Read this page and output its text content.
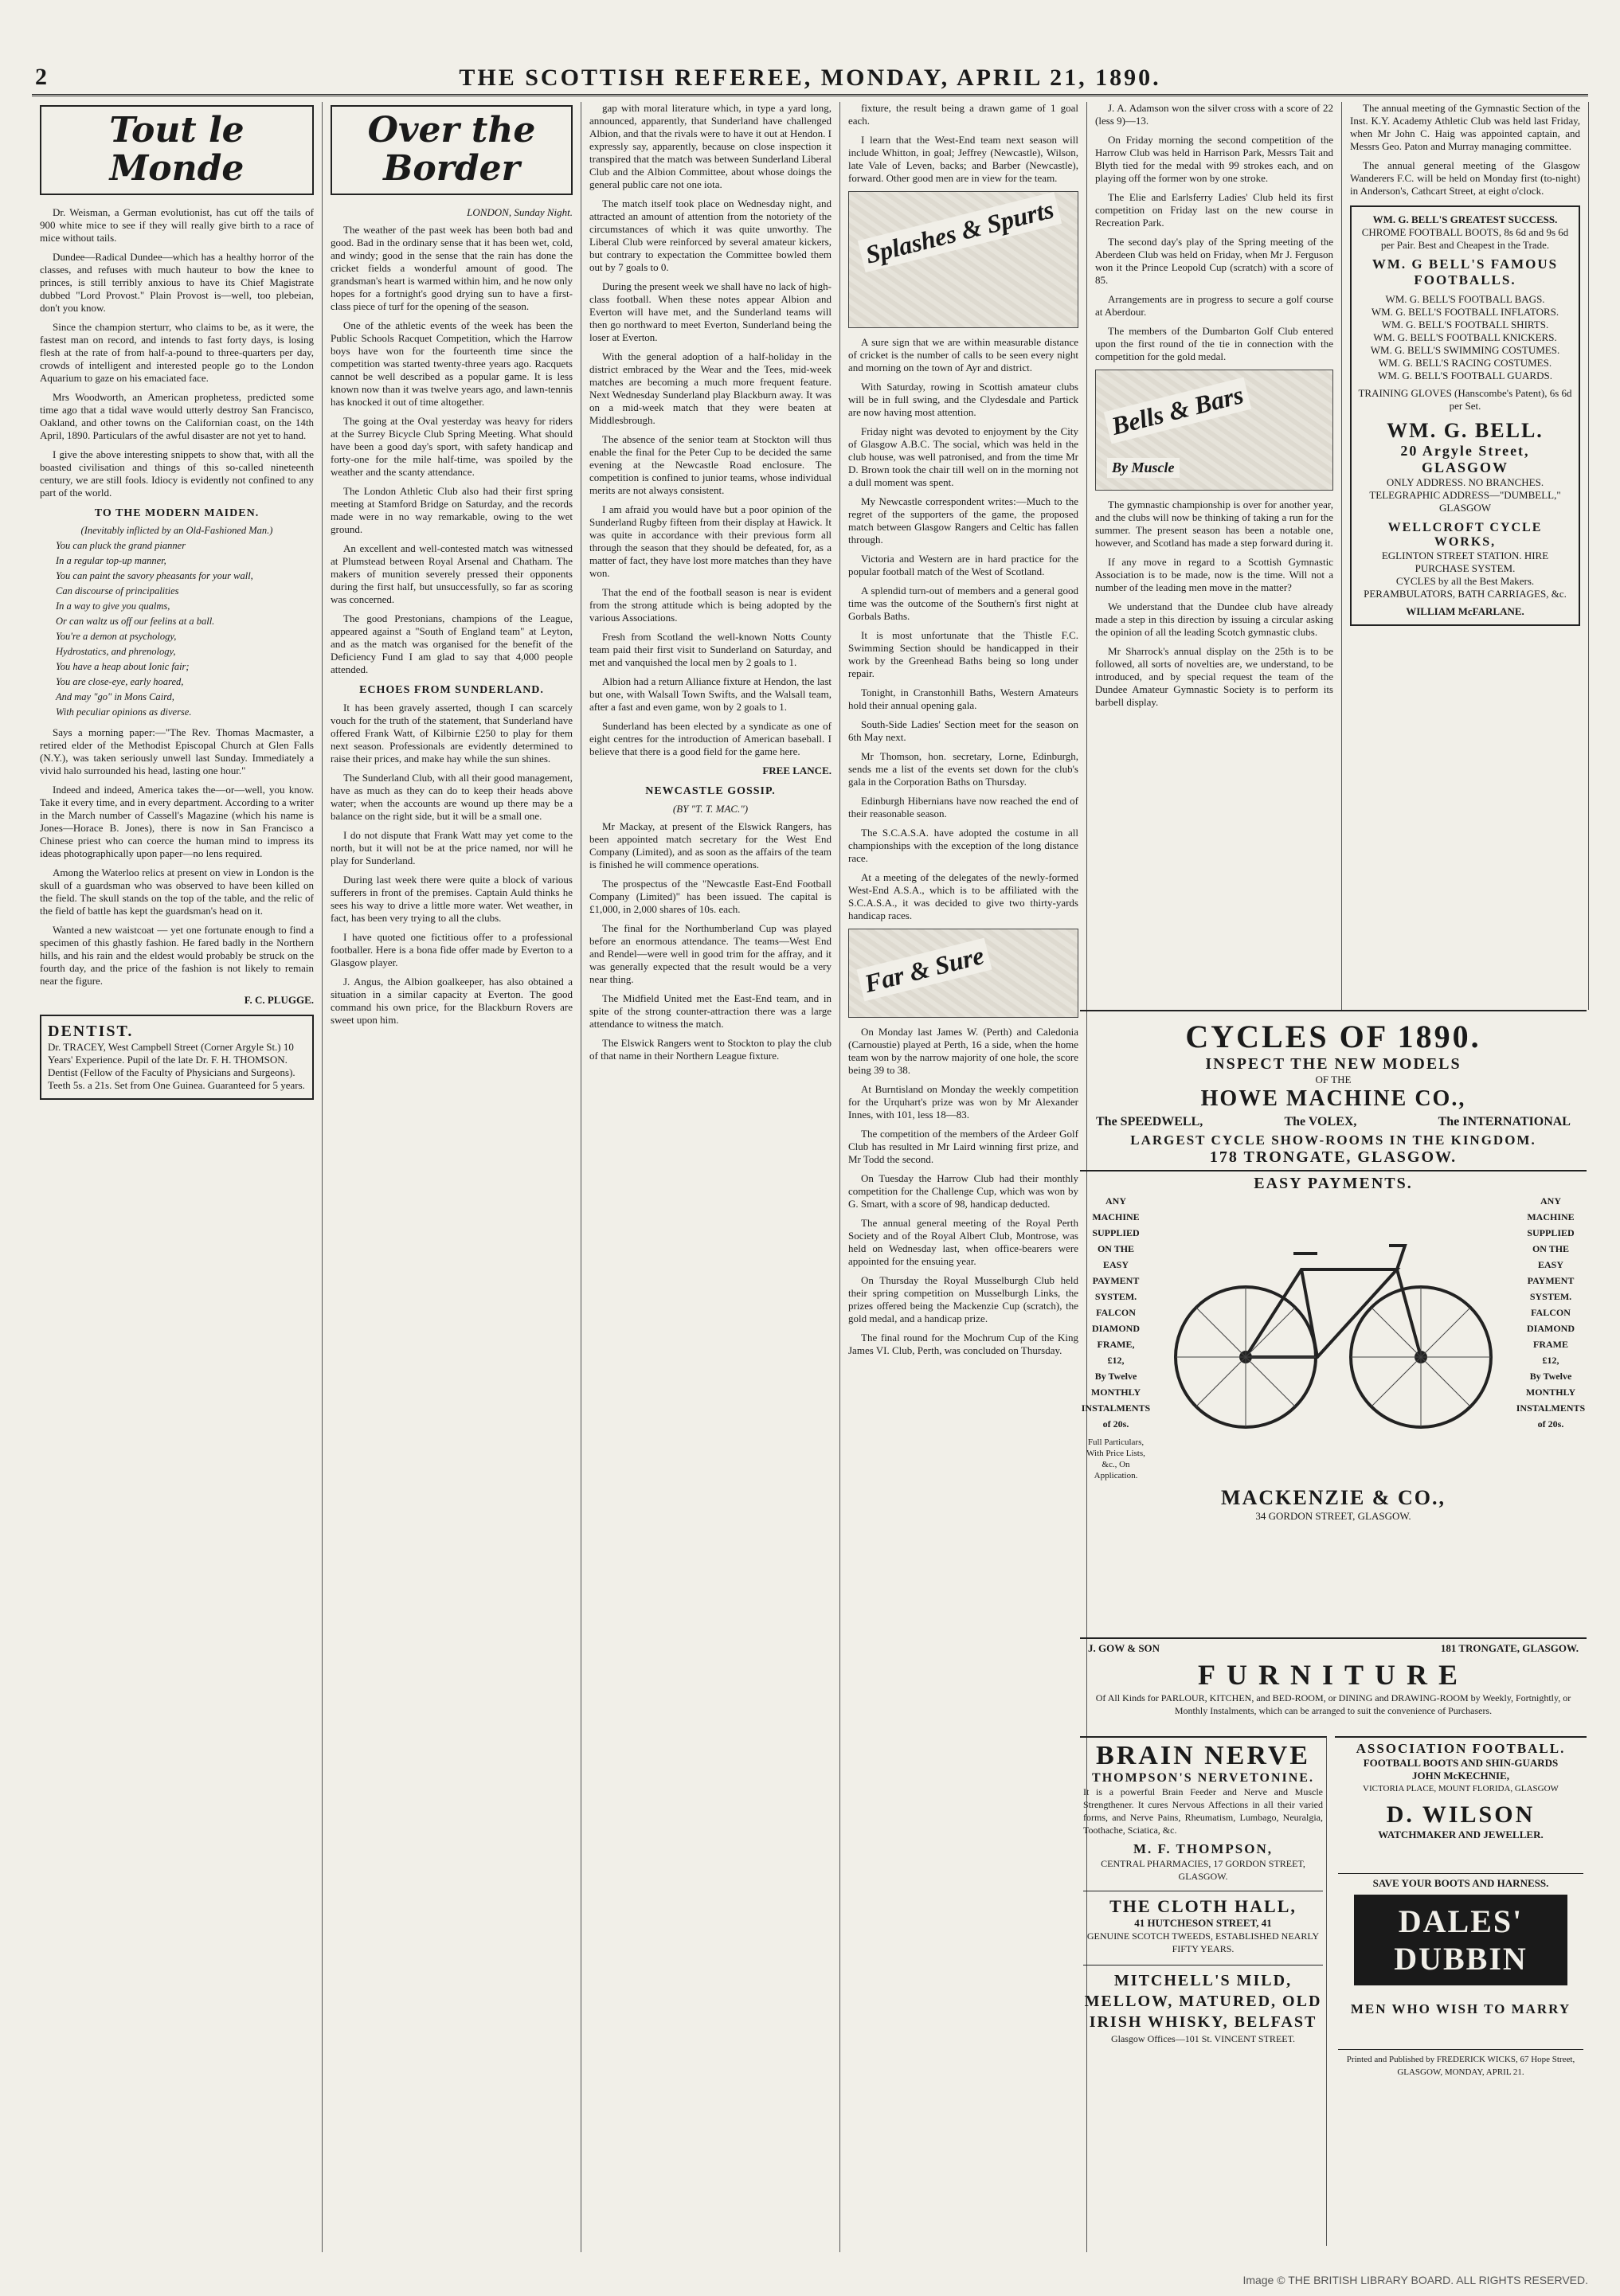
2	THE SCOTTISH REFEREE, MONDAY, APRIL 21, 1890.
Tout le Monde

Dr. Weisman, a German evolutionist, has cut off the tails of 900 white mice to see if they will really give birth to a race of mice without tails.

Dundee—Radical Dundee—which has a healthy horror of the classes, and refuses with much hauteur to bow the knee to princes, is still terribly anxious to have its Chief Magistrate dubbed "Lord Provost." Plain Provost is—well, too plebeian, don't you know.

Since the champion sterturr, who claims to be, as it were, the fastest man on record, and intends to fast forty days, is losing flesh at the rate of from half-a-pound to three-quarters per day, crowds of intelligent and interested people go to the London Aquarium to gaze on his emaciated face.

Mrs Woodworth, an American prophetess, predicted some time ago that a tidal wave would utterly destroy San Francisco, Oakland, and other towns on the Californian coast, on the 14th April, 1890. Particulars of the awful disaster are not yet to hand.

I give the above interesting snippets to show that, with all the boasted civilisation and things of this so-called nineteenth century, we are still fools. Idiocy is evidently not confined to any part of the world.

TO THE MODERN MAIDEN.
(Inevitably inflicted by an Old-Fashioned Man.)
You can pluck the grand pianner
In a regular top-up manner,
You can paint the savory pheasants for your wall,
Can discourse of principalities
In a way to give you qualms,
Or can waltz us off our feelins at a ball.
You're a demon at psychology,
Hydrostatics, and phrenology,
You have a heap about Ionic fair;
You are close-eye, early hoared,
And may "go" in Mons Caird,
With peculiar opinions as diverse.

Says a morning paper:—"The Rev. Thomas Macmaster, a retired elder of the Methodist Episcopal Church at Glen Falls (N.Y.), was taken seriously unwell last Sunday. Immediately a vivid halo surrounded his head, lasting one hour."

Indeed and indeed, America takes the—or—well, you know. Take it every time, and in every department. According to a writer in the March number of Cassell's Magazine (which his name is Jones—Horace B. Jones), there is now in San Francisco a Chinese priest who can coerce the human mind to impress its ideas photographically upon paper—no lens required.

Among the Waterloo relics at present on view in London is the skull of a guardsman who was observed to have been killed on the field. The skull stands on the top of the table, and the relic of the field of battle has kept the guardsman's head on it.

Wanted a new waistcoat — yet one fortunate enough to find a specimen of this ghastly fashion. He fared badly in the Northern hills, and his rain and the eldest would probably be struck on the fourth day, and the price of the fashion is not likely to remain near the figure.

F. C. PLUGGE.
DENTIST.
Dr. TRACEY, West Campbell Street (Corner Argyle St.) 10 Years' Experience. Pupil of the late Dr. F. H. THOMSON. Dentist (Fellow of the Faculty of Physicians and Surgeons). Teeth 5s. a 21s. Set from One Guinea. Guaranteed for 5 years.
Over the Border
LONDON, Sunday Night.

The weather of the past week has been both bad and good. Bad in the ordinary sense that it has been wet, cold, and windy; good in the sense that the rain has done the cricket fields a wonderful amount of good. The grandsman's heart is warmed within him, and he now only hopes for a fortnight's good drying sun to have a first-class piece of turf for the opening of the season.

One of the athletic events of the week has been the Public Schools Racquet Competition, which the Harrow boys have won for the fourteenth time since the competition was started twenty-three years ago. Racquets cannot be well described as a popular game. It is less known now than it was twelve years ago, and lawn-tennis has knocked it out of time altogether.

The going at the Oval yesterday was heavy for riders at the Surrey Bicycle Club Spring Meeting. What should have been a good day's sport, with safety handicap and forty-one for the mile half-time, was spoiled by the weather and the scanty attendance.

The London Athletic Club also had their first spring meeting at Stamford Bridge on Saturday, and the records made were in no way remarkable, owing to the wet ground.

An excellent and well-contested match was witnessed at Plumstead between Royal Arsenal and Chatham. The makers of munition severely pressed their opponents during the first half, but unsuccessfully, so far as scoring was concerned.

The good Prestonians, champions of the League, appeared against a "South of England team" at Leyton, and as the match was organised for the benefit of the Deficiency Fund I am glad to say that 4,000 people attended.

ECHOES FROM SUNDERLAND.

It has been gravely asserted, though I can scarcely vouch for the truth of the statement, that Sunderland have offered Frank Watt, of Kilbirnie £250 to play for them next season. Professionals are evidently determined to raise their prices, and make hay while the sun shines.

The Sunderland Club, with all their good management, have as much as they can do to keep their heads above water; when the accounts are wound up there may be a balance on the right side, but it will be a small one.

I do not dispute that Frank Watt may yet come to the north, but it will not be at the price named, nor will he play for Sunderland.

During last week there were quite a block of various sufferers in front of the premises. Captain Auld thinks he sees his way to drive a little more water. Wet weather, in fact, has been very trying to all the clubs.

I have quoted one fictitious offer to a professional footballer. Here is a bona fide offer made by Everton to a Glasgow player.

J. Angus, the Albion goalkeeper, has also obtained a situation in a similar capacity at Everton. The good command his own price, for the Blackburn Rovers are sweet upon him.

gap with moral literature which, in type a yard long, announced, apparently, that Sunderland have challenged Albion, and that the rivals were to have it out at Hendon. I expressly say, apparently, because on close inspection it transpired that the match was between Sunderland Liberal Club and the Albion Committee, about whose doings the general public care not one iota.

The match itself took place on Wednesday night, and attracted an amount of attention from the notoriety of the circumstances of which it was quite unworthy. The Liberal Club were reinforced by several amateur kickers, but contrary to expectation the Committee bowled them out by 7 goals to 0.

During the present week we shall have no lack of high-class football. When these notes appear Albion and Everton will have met, and the Sunderland teams will then go northward to meet Everton, Sunderland being the loser at Everton.

With the general adoption of a half-holiday in the district embraced by the Wear and the Tees, mid-week matches are becoming a much more frequent feature. Next Wednesday Sunderland play Blackburn away. It was on a mid-week match that they were beaten at Middlesbrough.

The absence of the senior team at Stockton will thus enable the final for the Peter Cup to be decided the same evening at the Newcastle Road enclosure. The competition is confined to junior teams, whose individual merits are not always consistent.

I am afraid you would have but a poor opinion of the Sunderland Rugby fifteen from their display at Hawick. It was quite in accordance with their previous form all through the season that they should be defeated, for, as a matter of fact, they have lost more matches than they have won.

That the end of the football season is near is evident from the strong attitude which is being adopted by the various Associations.

Fresh from Scotland the well-known Notts County team paid their first visit to Sunderland on Saturday, and met and vanquished the local men by 2 goals to 1.

Albion had a return Alliance fixture at Hendon, the last but one, with Walsall Town Swifts, and the Walsall team, after a fast and even game, won by 2 goals to 1.

Sunderland has been elected by a syndicate as one of eight centres for the introduction of American baseball. I believe that there is a good field for the game here.

FREE LANCE.
NEWCASTLE GOSSIP.
(BY "T. T. MAC.")

Mr Mackay, at present of the Elswick Rangers, has been appointed match secretary for the West End Company (Limited), and as soon as the affairs of the team is finished he will commence operations.

The prospectus of the "Newcastle East-End Football Company (Limited)" has been issued. The capital is £1,000, in 2,000 shares of 10s. each.

The final for the Northumberland Cup was played before an enormous attendance. The teams—West End and Rendel—were well in good trim for the affray, and it was generally expected that the result would be a very near thing.

The Midfield United met the East-End team, and in spite of the strong counter-attraction there was a large attendance to witness the match.

The Elswick Rangers went to Stockton to play the club of that name in their Northern League fixture.

fixture, the result being a drawn game of 1 goal each.

I learn that the West-End team next season will include Whitton, in goal; Jeffrey (Newcastle), Wilson, late Vale of Leven, backs; and Barber (Newcastle), forward. Other good men are in view for the team.

Splashes & Spurts

A sure sign that we are within measurable distance of cricket is the number of calls to be seen every night and morning on the town of Ayr and district.

With Saturday, rowing in Scottish amateur clubs will be in full swing, and the Clydesdale and Partick are now having most attention.

Friday night was devoted to enjoyment by the City of Glasgow A.B.C. The social, which was held in the club house, was well patronised, and from the time Mr D. Brown took the chair till well on in the morning not a dull moment was spent.

My Newcastle correspondent writes:—Much to the regret of the supporters of the game, the proposed match between Glasgow Rangers and Celtic has fallen through.

Victoria and Western are in hard practice for the popular football match of the West of Scotland.

A splendid turn-out of members and a general good time was the outcome of the Southern's first night at Gorbals Baths.

It is most unfortunate that the Thistle F.C. Swimming Section should be handicapped in their work by the Greenhead Baths being so long under repair.

Tonight, in Cranstonhill Baths, Western Amateurs hold their annual opening gala.

South-Side Ladies' Section meet for the season on 6th May next.

Mr Thomson, hon. secretary, Lorne, Edinburgh, sends me a list of the events set down for the club's gala in the Corporation Baths on Thursday.

Edinburgh Hibernians have now reached the end of their reasonable season.

The S.C.A.S.A. have adopted the costume in all championships with the exception of the long distance race.

At a meeting of the delegates of the newly-formed West-End A.S.A., which is to be affiliated with the S.C.A.S.A., it was decided to give two thirty-yards handicap races.

Far & Sure

On Monday last James W. (Perth) and Caledonia (Carnoustie) played at Perth, 16 a side, when the home team won by the narrow majority of one hole, the score being 39 to 38.

At Burntisland on Monday the weekly competition for the Urquhart's prize was won by Mr Alexander Innes, with 101, less 18—83.

The competition of the members of the Ardeer Golf Club has resulted in Mr Laird winning first prize, and Mr Todd the second.

On Tuesday the Harrow Club had their monthly competition for the Challenge Cup, which was won by G. Smart, with a score of 98, handicap deducted.

The annual general meeting of the Royal Perth Society and of the Royal Albert Club, Montrose, was held on Wednesday last, when office-bearers were appointed for the ensuing year.

On Thursday the Royal Musselburgh Club held their spring competition on Musselburgh Links, the prizes offered being the Mackenzie Cup (scratch), the gold medal, and a handicap prize.

The final round for the Mochrum Cup of the King James VI. Club, Perth, was concluded on Thursday.

J. A. Adamson won the silver cross with a score of 22 (less 9)—13.

On Friday morning the second competition of the Harrow Club was held in Harrison Park, Messrs Tait and Blyth tied for the medal with 99 strokes each, and on playing off the former won by one stroke.

The Elie and Earlsferry Ladies' Club held its first competition on Friday last on the new course in Recreation Park.

The second day's play of the Spring meeting of the Aberdeen Club was held on Friday, when Mr J. Ferguson won it the Prince Leopold Cup (scratch) with a score of 85.

Arrangements are in progress to secure a golf course at Aberdour.

The members of the Dumbarton Golf Club entered upon the first round of the tie in connection with the competition for the gold medal.

Bells & Bars
By Muscle

The gymnastic championship is over for another year, and the clubs will now be thinking of taking a run for the summer. The present season has been a notable one, however, and Scotland has made a step forward during it.

If any move in regard to a Scottish Gymnastic Association is to be made, now is the time. Will not a number of the leading men move in the matter?

We understand that the Dundee club have already made a step in this direction by issuing a circular asking the opinion of all the leading Scotch gymnastic clubs.

Mr Sharrock's annual display on the 25th is to be followed, all sorts of novelties are, we understand, to be introduced, and by special request the team of the Dundee Amateur Gymnastic Society is to perform its barbell display.

The annual meeting of the Gymnastic Section of the Inst. K.Y. Academy Athletic Club was held last Friday, when Mr John C. Haig was appointed captain, and Messrs Geo. Paton and Murray managing committee.

The annual general meeting of the Glasgow Wanderers F.C. will be held on Monday first (to-night) in Anderson's, Cathcart Street, at eight o'clock.

WM. G. BELL'S GREATEST SUCCESS.
CHROME FOOTBALL BOOTS, 8s 6d and 9s 6d per Pair. Best and Cheapest in the Trade.
WM. G BELL'S FAMOUS FOOTBALLS.
WM. G. BELL'S FOOTBALL BAGS.
WM. G. BELL'S FOOTBALL INFLATORS.
WM. G. BELL'S FOOTBALL SHIRTS.
WM. G. BELL'S FOOTBALL KNICKERS.
WM. G. BELL'S SWIMMING COSTUMES.
WM. G. BELL'S RACING COSTUMES.
WM. G. BELL'S FOOTBALL GUARDS.
TRAINING GLOVES (Hanscombe's Patent), 6s 6d per Set.
WM. G. BELL.
20 Argyle Street, GLASGOW
ONLY ADDRESS. NO BRANCHES.
TELEGRAPHIC ADDRESS—"DUMBELL," GLASGOW
WELLCROFT CYCLE WORKS,
EGLINTON STREET STATION. HIRE PURCHASE SYSTEM.
CYCLES by all the Best Makers. PERAMBULATORS, BATH CARRIAGES, &c.
WILLIAM McFARLANE.
CYCLES OF 1890.
INSPECT THE NEW MODELS
OF THE
HOWE MACHINE CO.,
The SPEEDWELL,	The VOLEX,	The INTERNATIONAL
LARGEST CYCLE SHOW-ROOMS IN THE KINGDOM.
178 TRONGATE, GLASGOW.
EASY PAYMENTS.
ANY
MACHINE
SUPPLIED
ON THE
EASY
PAYMENT
SYSTEM.
FALCON
DIAMOND
FRAME,
£12,
By Twelve
MONTHLY
INSTALMENTS
of 20s.
Full Particulars, With Price Lists, &c., On Application.
ANY
MACHINE
SUPPLIED
ON THE
EASY
PAYMENT
SYSTEM.
FALCON
DIAMOND
FRAME
£12,
By Twelve
MONTHLY
INSTALMENTS
of 20s.
MACKENZIE & CO.,
34 GORDON STREET, GLASGOW.
J. GOW & SON	181 TRONGATE, GLASGOW.
FURNITURE
Of All Kinds for PARLOUR, KITCHEN, and BED-ROOM, or DINING and DRAWING-ROOM by Weekly, Fortnightly, or Monthly Instalments, which can be arranged to suit the convenience of Purchasers.
BRAIN NERVE
THOMPSON'S NERVETONINE.
It is a powerful Brain Feeder and Nerve and Muscle Strengthener. It cures Nervous Affections in all their varied forms, and Nerve Pains, Rheumatism, Lumbago, Neuralgia, Toothache, Sciatica, &c.
M. F. THOMPSON,
CENTRAL PHARMACIES, 17 GORDON STREET, GLASGOW.
THE CLOTH HALL,
41 HUTCHESON STREET, 41
GENUINE SCOTCH TWEEDS, ESTABLISHED NEARLY FIFTY YEARS.
MITCHELL'S MILD, MELLOW, MATURED, OLD IRISH WHISKY, BELFAST
Glasgow Offices—101 St. VINCENT STREET.
ASSOCIATION FOOTBALL.
FOOTBALL BOOTS AND SHIN-GUARDS
JOHN McKECHNIE,
VICTORIA PLACE, MOUNT FLORIDA, GLASGOW
D. WILSON
WATCHMAKER AND JEWELLER.
SAVE YOUR BOOTS AND HARNESS.
DALES' DUBBIN
MEN WHO WISH TO MARRY
Printed and Published by FREDERICK WICKS, 67 Hope Street, GLASGOW, MONDAY, APRIL 21.
Image © THE BRITISH LIBRARY BOARD. ALL RIGHTS RESERVED.
